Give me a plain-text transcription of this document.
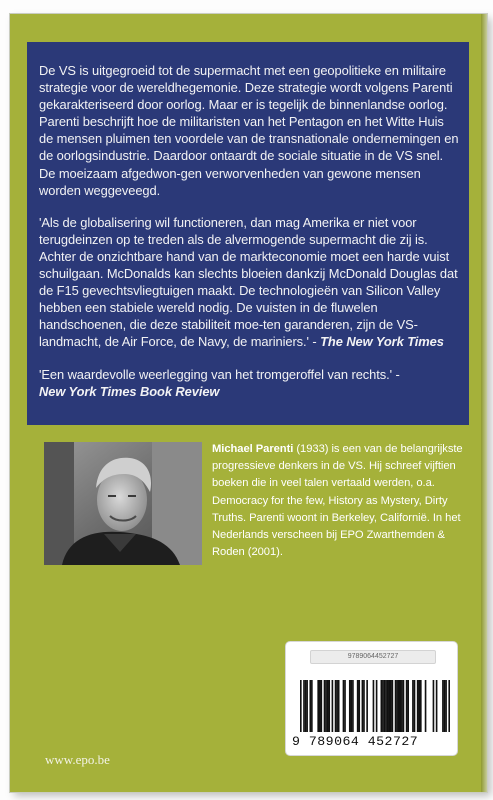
De VS is uitgegroeid tot de supermacht met een geopolitieke en militaire strategie voor de wereldhegemonie. Deze strategie wordt volgens Parenti gekarakteriseerd door oorlog. Maar er is tegelijk de binnenlandse oorlog. Parenti beschrijft hoe de militaristen van het Pentagon en het Witte Huis de mensen pluimen ten voordele van de transnationale ondernemingen en de oorlogsindustrie. Daardoor ontaardt de sociale situatie in de VS snel. De moeizaam afgedwon-gen verworvenheden van gewone mensen worden weggeveegd.

'Als de globalisering wil functioneren, dan mag Amerika er niet voor terugdeinzen op te treden als de alvermogende supermacht die zij is. Achter de onzichtbare hand van de markteconomie moet een harde vuist schuilgaan. McDonalds kan slechts bloeien dankzij McDonald Douglas dat de F15 gevechtsvliegtuigen maakt. De technologieën van Silicon Valley hebben een stabiele wereld nodig. De vuisten in de fluwelen handschoenen, die deze stabiliteit moe-ten garanderen, zijn de VS-landmacht, de Air Force, de Navy, de mariniers.' - The New York Times

'Een waardevolle weerlegging van het tromgeroffel van rechts.' -
New York Times Book Review

Michael Parenti (1933) is een van de belangrijkste progressieve denkers in de VS. Hij schreef vijftien boeken die in veel talen vertaald werden, o.a. Democracy for the few, History as Mystery, Dirty Truths. Parenti woont in Berkeley, Californië. In het Nederlands verscheen bij EPO Zwarthemden & Roden (2001).
9789064452727
9 789064 452727
www.epo.be
